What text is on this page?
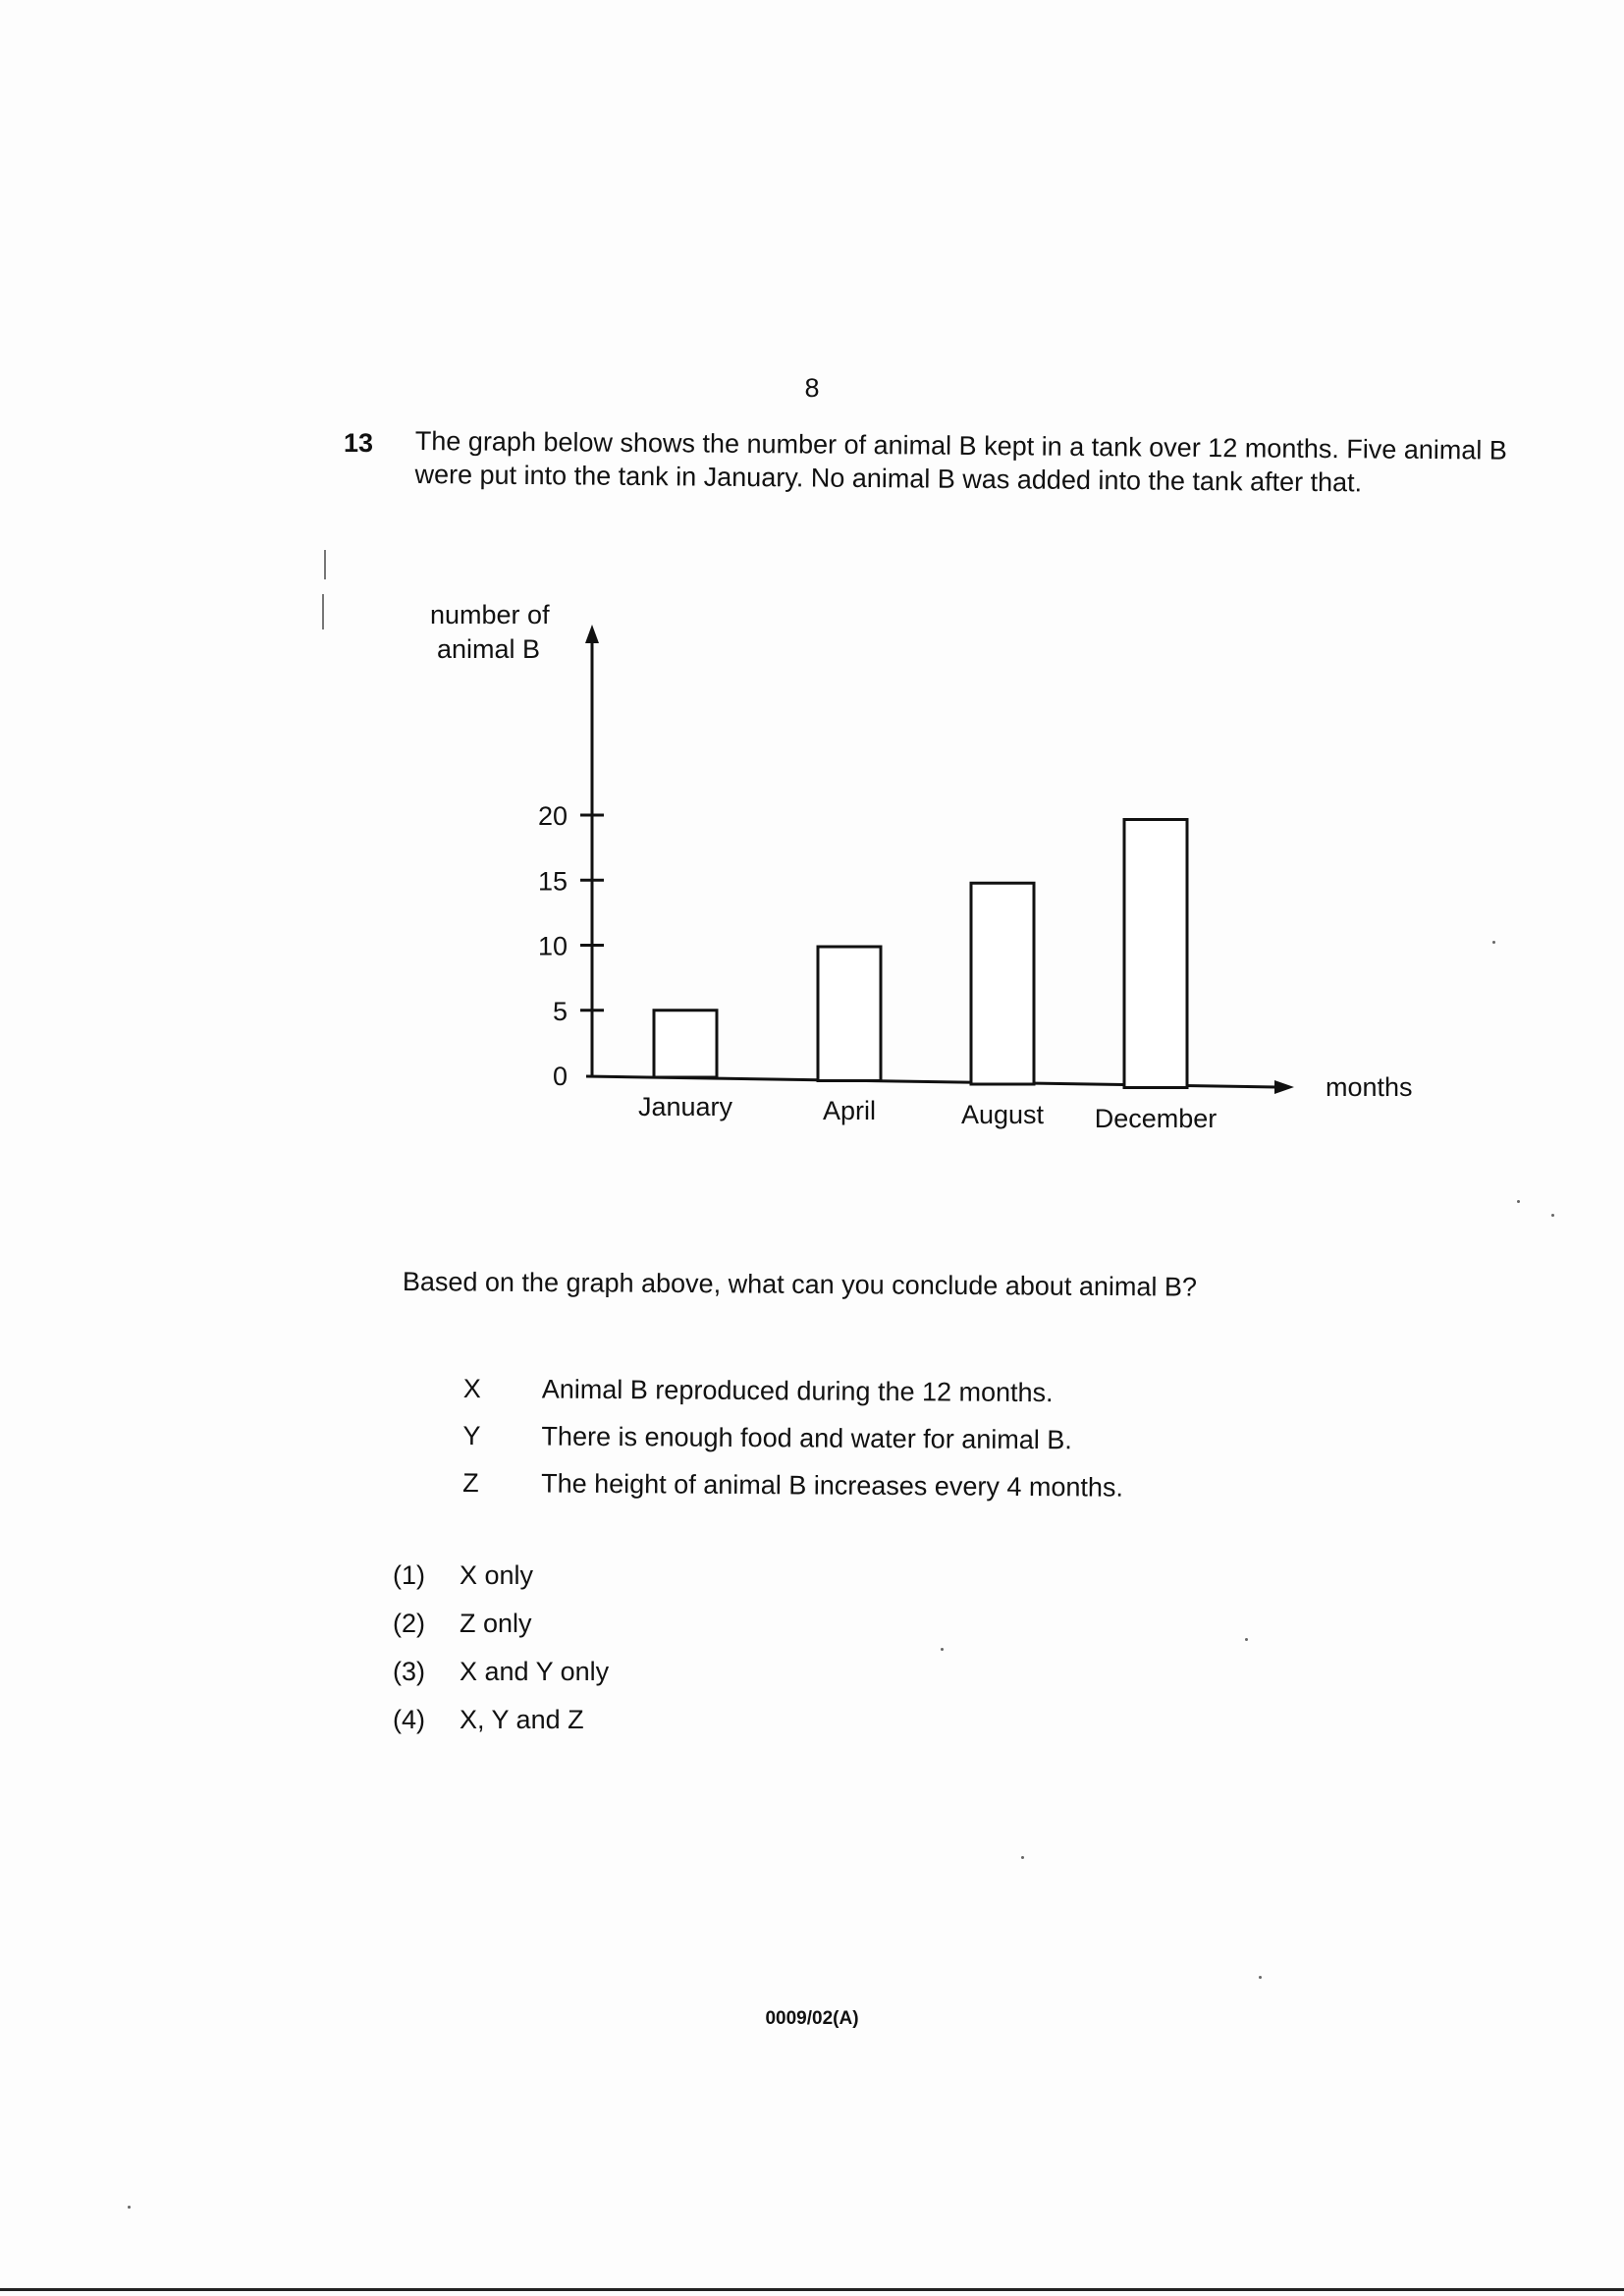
8
13 The graph below shows the number of animal B kept in a tank over 12 months. Five animal B were put into the tank in January. No animal B was added into the tank after that.
number of
animal B
months
0
5
10
15
20
January	April	August December
Based on the graph above, what can you conclude about animal B?
X	Animal B reproduced during the 12 months.
Y	There is enough food and water for animal B.
Z	The height of animal B increases every 4 months.
(1)	X only
(2)	Z only
(3)	X and Y only
(4)	X, Y and Z
0009/02(A)
